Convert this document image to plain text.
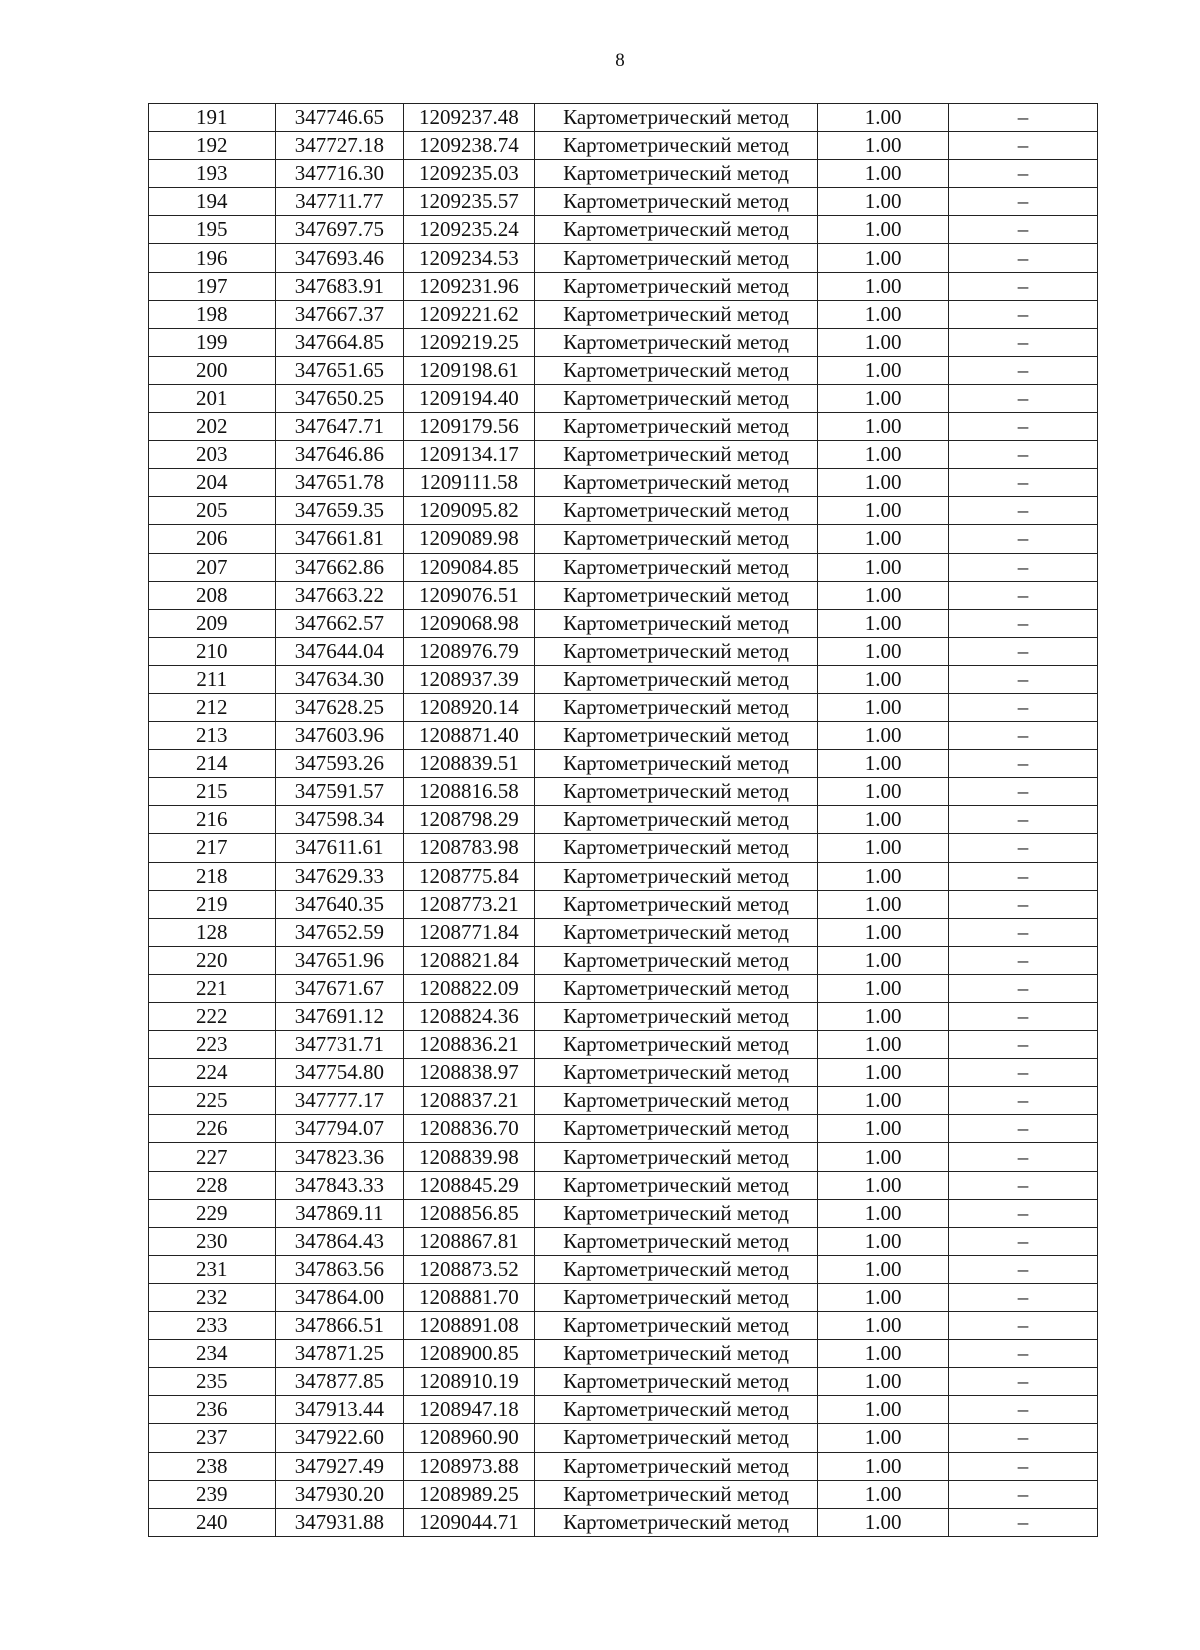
8
191	347746.65	1209237.48	Картометрический метод	1.00	–
192	347727.18	1209238.74	Картометрический метод	1.00	–
193	347716.30	1209235.03	Картометрический метод	1.00	–
194	347711.77	1209235.57	Картометрический метод	1.00	–
195	347697.75	1209235.24	Картометрический метод	1.00	–
196	347693.46	1209234.53	Картометрический метод	1.00	–
197	347683.91	1209231.96	Картометрический метод	1.00	–
198	347667.37	1209221.62	Картометрический метод	1.00	–
199	347664.85	1209219.25	Картометрический метод	1.00	–
200	347651.65	1209198.61	Картометрический метод	1.00	–
201	347650.25	1209194.40	Картометрический метод	1.00	–
202	347647.71	1209179.56	Картометрический метод	1.00	–
203	347646.86	1209134.17	Картометрический метод	1.00	–
204	347651.78	1209111.58	Картометрический метод	1.00	–
205	347659.35	1209095.82	Картометрический метод	1.00	–
206	347661.81	1209089.98	Картометрический метод	1.00	–
207	347662.86	1209084.85	Картометрический метод	1.00	–
208	347663.22	1209076.51	Картометрический метод	1.00	–
209	347662.57	1209068.98	Картометрический метод	1.00	–
210	347644.04	1208976.79	Картометрический метод	1.00	–
211	347634.30	1208937.39	Картометрический метод	1.00	–
212	347628.25	1208920.14	Картометрический метод	1.00	–
213	347603.96	1208871.40	Картометрический метод	1.00	–
214	347593.26	1208839.51	Картометрический метод	1.00	–
215	347591.57	1208816.58	Картометрический метод	1.00	–
216	347598.34	1208798.29	Картометрический метод	1.00	–
217	347611.61	1208783.98	Картометрический метод	1.00	–
218	347629.33	1208775.84	Картометрический метод	1.00	–
219	347640.35	1208773.21	Картометрический метод	1.00	–
128	347652.59	1208771.84	Картометрический метод	1.00	–
220	347651.96	1208821.84	Картометрический метод	1.00	–
221	347671.67	1208822.09	Картометрический метод	1.00	–
222	347691.12	1208824.36	Картометрический метод	1.00	–
223	347731.71	1208836.21	Картометрический метод	1.00	–
224	347754.80	1208838.97	Картометрический метод	1.00	–
225	347777.17	1208837.21	Картометрический метод	1.00	–
226	347794.07	1208836.70	Картометрический метод	1.00	–
227	347823.36	1208839.98	Картометрический метод	1.00	–
228	347843.33	1208845.29	Картометрический метод	1.00	–
229	347869.11	1208856.85	Картометрический метод	1.00	–
230	347864.43	1208867.81	Картометрический метод	1.00	–
231	347863.56	1208873.52	Картометрический метод	1.00	–
232	347864.00	1208881.70	Картометрический метод	1.00	–
233	347866.51	1208891.08	Картометрический метод	1.00	–
234	347871.25	1208900.85	Картометрический метод	1.00	–
235	347877.85	1208910.19	Картометрический метод	1.00	–
236	347913.44	1208947.18	Картометрический метод	1.00	–
237	347922.60	1208960.90	Картометрический метод	1.00	–
238	347927.49	1208973.88	Картометрический метод	1.00	–
239	347930.20	1208989.25	Картометрический метод	1.00	–
240	347931.88	1209044.71	Картометрический метод	1.00	–
